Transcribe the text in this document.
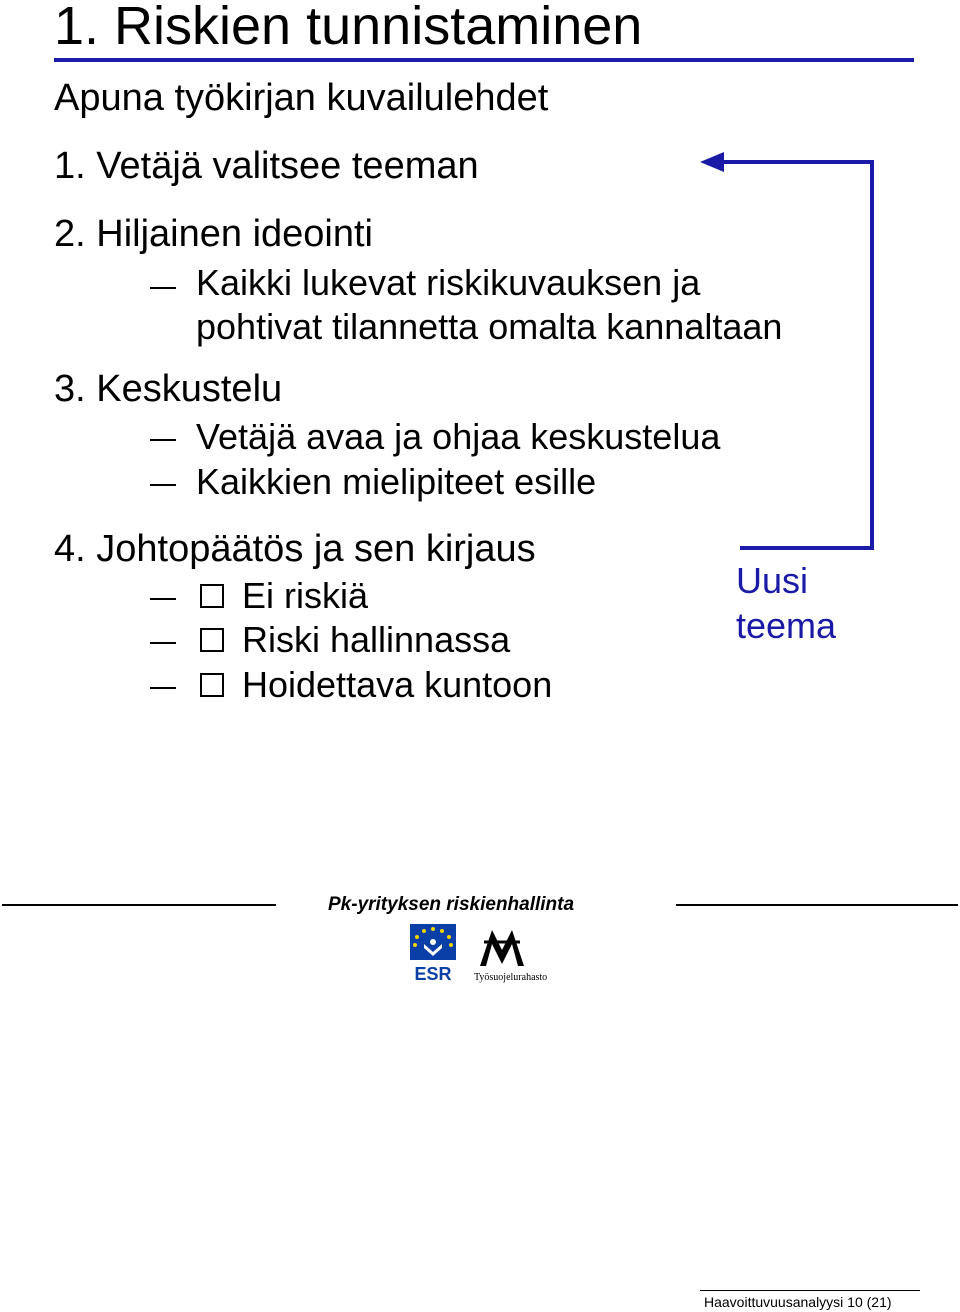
1. Riskien tunnistaminen
Apuna työkirjan kuvailulehdet
1. Vetäjä valitsee teeman
2. Hiljainen ideointi
Kaikki lukevat riskikuvauksen ja
pohtivat tilannetta omalta kannaltaan
3. Keskustelu
Vetäjä avaa ja ohjaa keskustelua
Kaikkien mielipiteet esille
4. Johtopäätös ja sen kirjaus
Ei riskiä
Riski hallinnassa
Hoidettava kuntoon
Uusi
teema
Pk-yrityksen riskienhallinta
ESR Työsuojelurahasto
Haavoittuvuusanalyysi 10 (21)
